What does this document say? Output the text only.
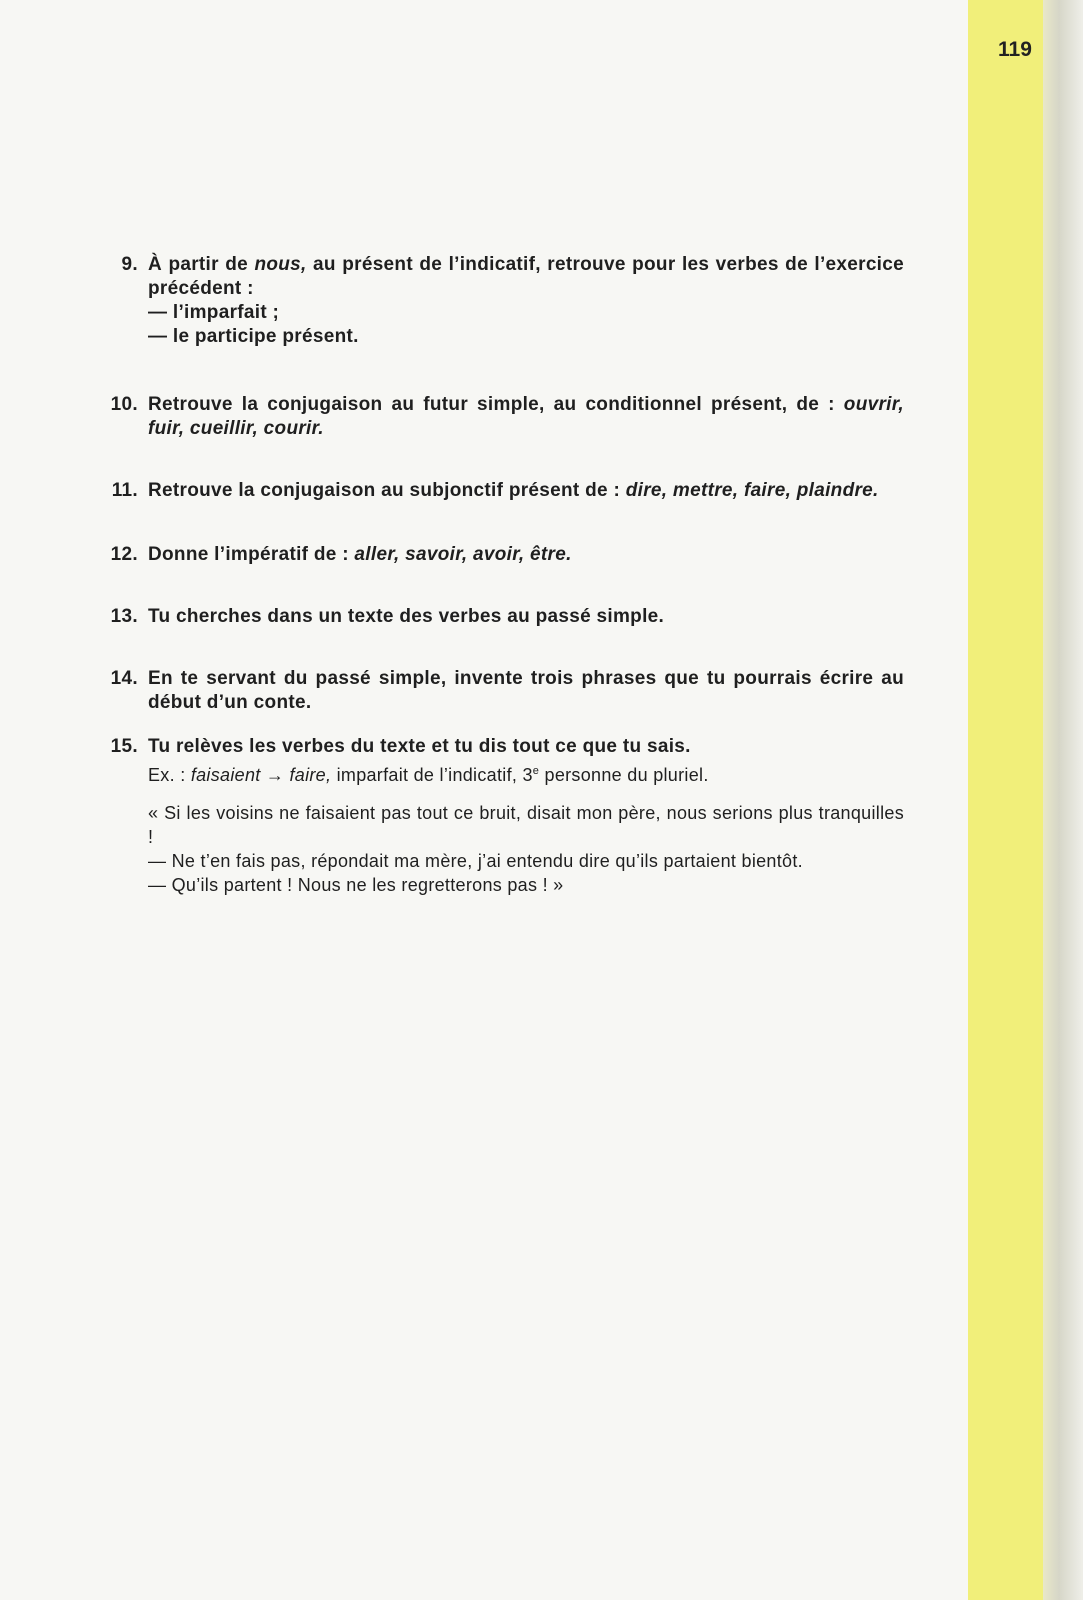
119
9. À partir de nous, au présent de l’indicatif, retrouve pour les verbes de l’exercice précédent :

— l’imparfait ;

— le participe présent.

10. Retrouve la conjugaison au futur simple, au conditionnel présent, de : ouvrir, fuir, cueillir, courir.

11. Retrouve la conjugaison au subjonctif présent de : dire, mettre, faire, plaindre.

12. Donne l’impératif de : aller, savoir, avoir, être.

13. Tu cherches dans un texte des verbes au passé simple.

14. En te servant du passé simple, invente trois phrases que tu pourrais écrire au début d’un conte.

15. Tu relèves les verbes du texte et tu dis tout ce que tu sais.

Ex. : faisaient → faire, imparfait de l’indicatif, 3e personne du pluriel.

« Si les voisins ne faisaient pas tout ce bruit, disait mon père, nous serions plus tranquilles !
— Ne t’en fais pas, répondait ma mère, j’ai entendu dire qu’ils partaient bientôt.
— Qu’ils partent ! Nous ne les regretterons pas ! »
